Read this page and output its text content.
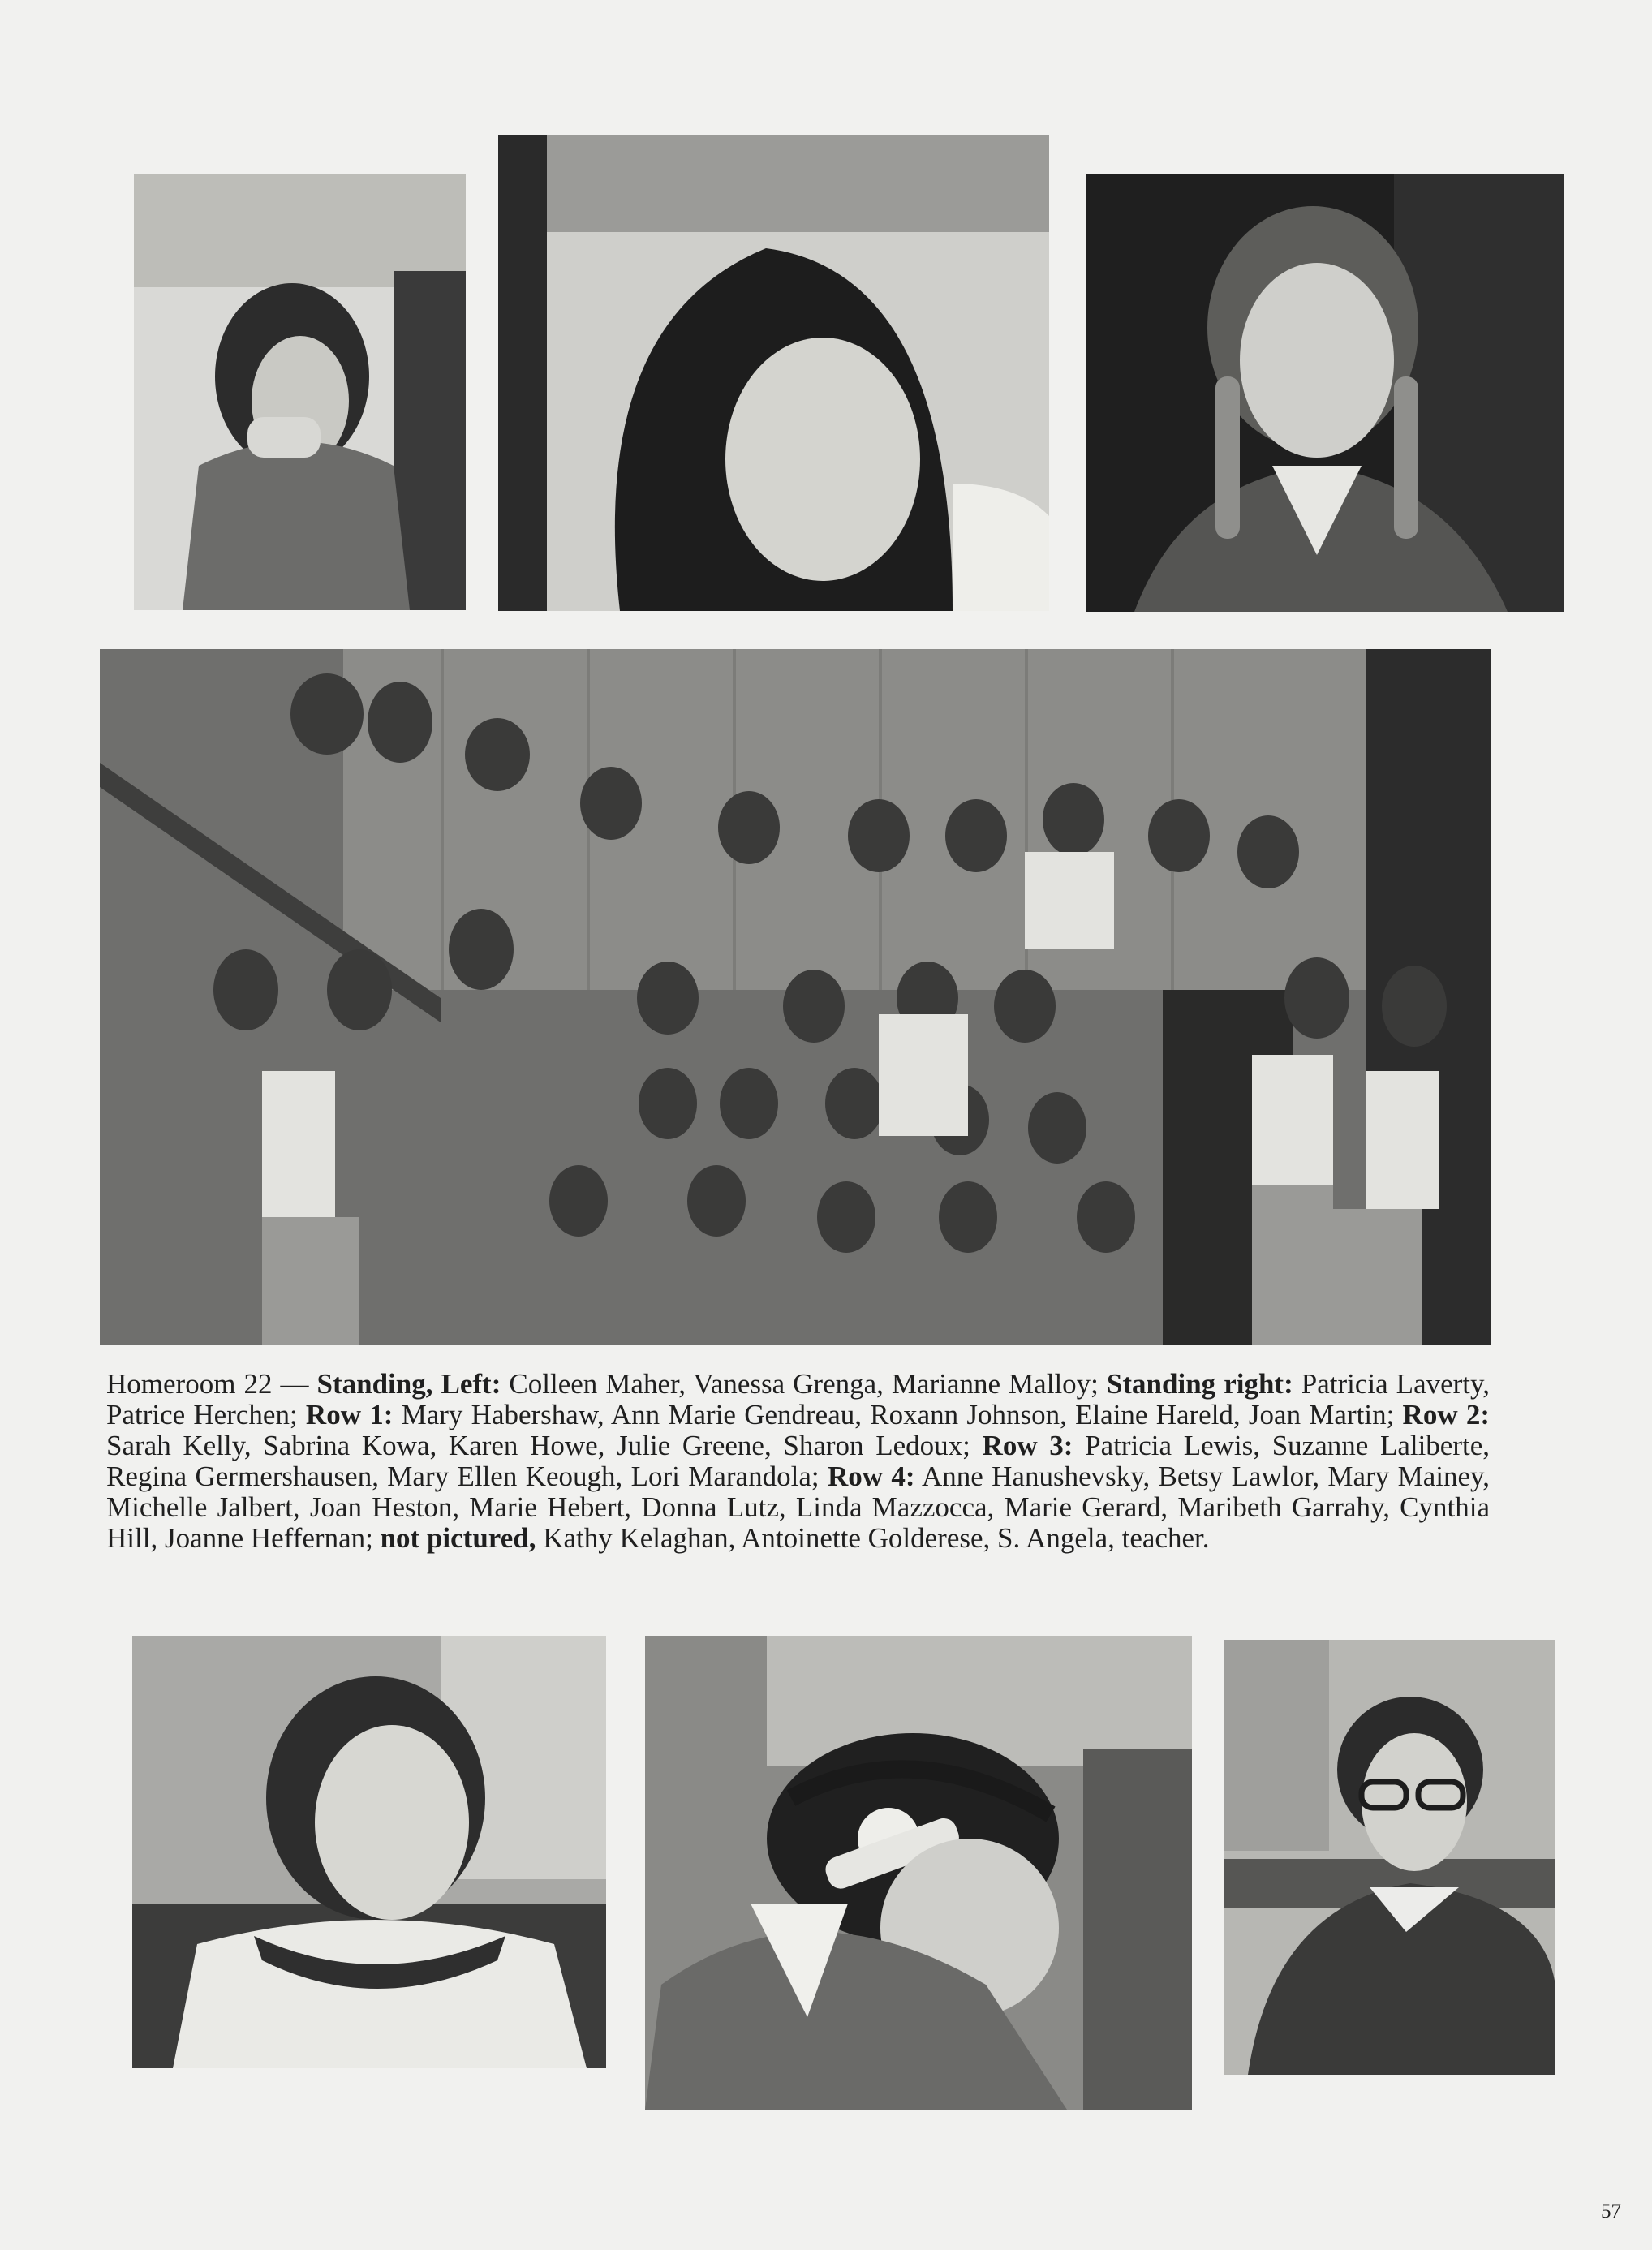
Homeroom 22 — Standing, Left: Colleen Maher, Vanessa Grenga, Marianne Malloy; Standing right: Patricia Laverty, Patrice Herchen; Row 1: Mary Habershaw, Ann Marie Gendreau, Roxann Johnson, Elaine Hareld, Joan Martin; Row 2: Sarah Kelly, Sabrina Kowa, Karen Howe, Julie Greene, Sharon Ledoux; Row 3: Patricia Lewis, Suzanne Laliberte, Regina Germershausen, Mary Ellen Keough, Lori Marandola; Row 4: Anne Hanushevsky, Betsy Lawlor, Mary Mainey, Michelle Jalbert, Joan Heston, Marie Hebert, Donna Lutz, Linda Mazzocca, Marie Gerard, Maribeth Garrahy, Cynthia Hill, Joanne Heffernan; not pictured, Kathy Kelaghan, Antoinette Golderese, S. Angela, teacher.
57
